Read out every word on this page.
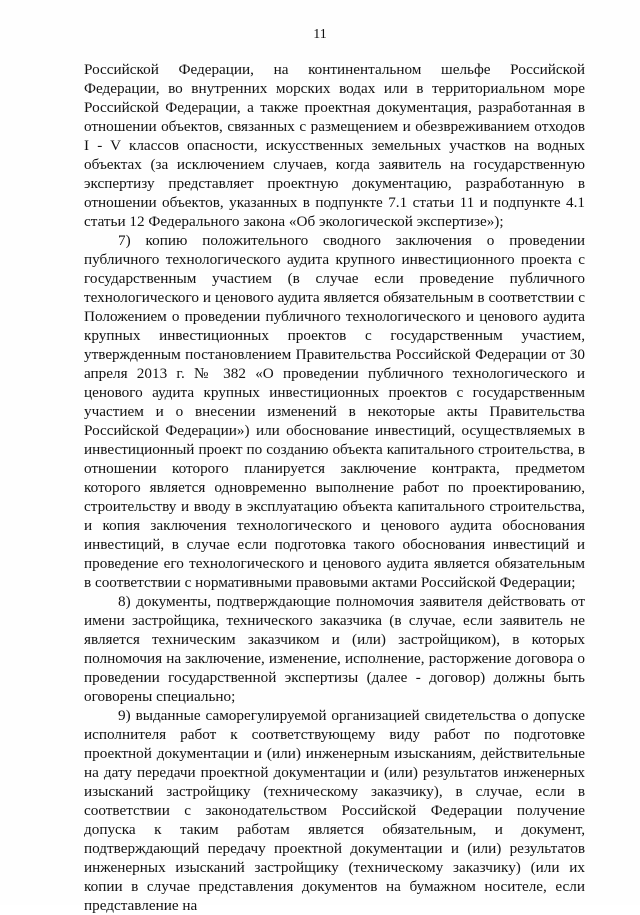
11

Российской Федерации, на континентальном шельфе Российской Федерации, во внутренних морских водах или в территориальном море Российской Федерации, а также проектная документация, разработанная в отношении объектов, связанных с размещением и обезвреживанием отходов I - V классов опасности, искусственных земельных участков на водных объектах (за исключением случаев, когда заявитель на государственную экспертизу представляет проектную документацию, разработанную в отношении объектов, указанных в подпункте 7.1 статьи 11 и подпункте 4.1 статьи 12 Федерального закона «Об экологической экспертизе»);

7) копию положительного сводного заключения о проведении публичного технологического аудита крупного инвестиционного проекта с государственным участием (в случае если проведение публичного технологического и ценового аудита является обязательным в соответствии с Положением о проведении публичного технологического и ценового аудита крупных инвестиционных проектов с государственным участием, утвержденным постановлением Правительства Российской Федерации от 30 апреля 2013 г. № 382 «О проведении публичного технологического и ценового аудита крупных инвестиционных проектов с государственным участием и о внесении изменений в некоторые акты Правительства Российской Федерации») или обоснование инвестиций, осуществляемых в инвестиционный проект по созданию объекта капитального строительства, в отношении которого планируется заключение контракта, предметом которого является одновременно выполнение работ по проектированию, строительству и вводу в эксплуатацию объекта капитального строительства, и копия заключения технологического и ценового аудита обоснования инвестиций, в случае если подготовка такого обоснования инвестиций и проведение его технологического и ценового аудита является обязательным в соответствии с нормативными правовыми актами Российской Федерации;

8) документы, подтверждающие полномочия заявителя действовать от имени застройщика, технического заказчика (в случае, если заявитель не является техническим заказчиком и (или) застройщиком), в которых полномочия на заключение, изменение, исполнение, расторжение договора о проведении государственной экспертизы (далее - договор) должны быть оговорены специально;

9) выданные саморегулируемой организацией свидетельства о допуске исполнителя работ к соответствующему виду работ по подготовке проектной документации и (или) инженерным изысканиям, действительные на дату передачи проектной документации и (или) результатов инженерных изысканий застройщику (техническому заказчику), в случае, если в соответствии с законодательством Российской Федерации получение допуска к таким работам является обязательным, и документ, подтверждающий передачу проектной документации и (или) результатов инженерных изысканий застройщику (техническому заказчику) (или их копии в случае представления документов на бумажном носителе, если представление на
